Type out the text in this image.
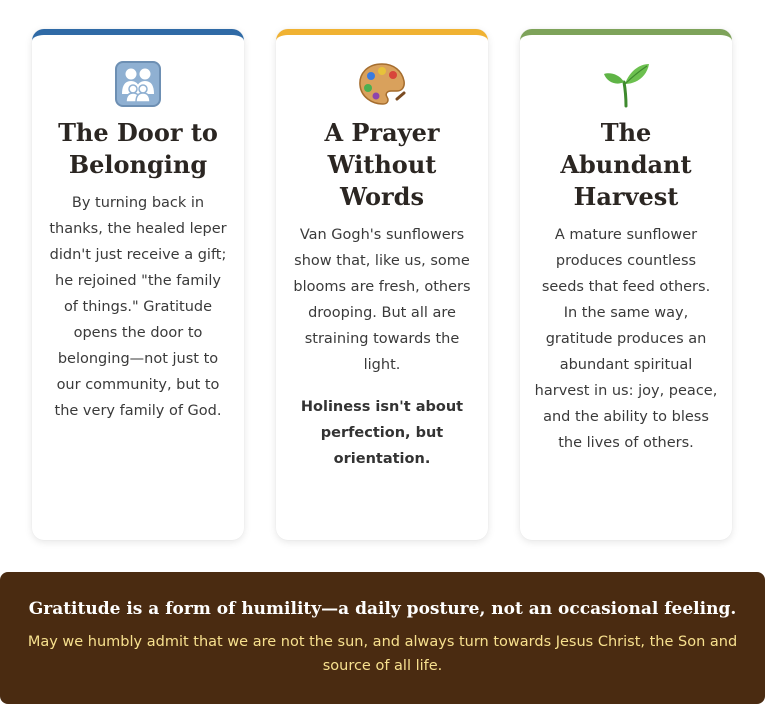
The Door to Belonging

By turning back in thanks, the healed leper didn't just receive a gift; he rejoined "the family of things." Gratitude opens the door to belonging—not just to our community, but to the very family of God.

A Prayer Without Words

Van Gogh's sunflowers show that, like us, some blooms are fresh, others drooping. But all are straining towards the light.

Holiness isn't about perfection, but orientation.

The Abundant Harvest

A mature sunflower produces countless seeds that feed others. In the same way, gratitude produces an abundant spiritual harvest in us: joy, peace, and the ability to bless the lives of others.

Gratitude is a form of humility—a daily posture, not an occasional feeling.

May we humbly admit that we are not the sun, and always turn towards Jesus Christ, the Son and source of all life.
